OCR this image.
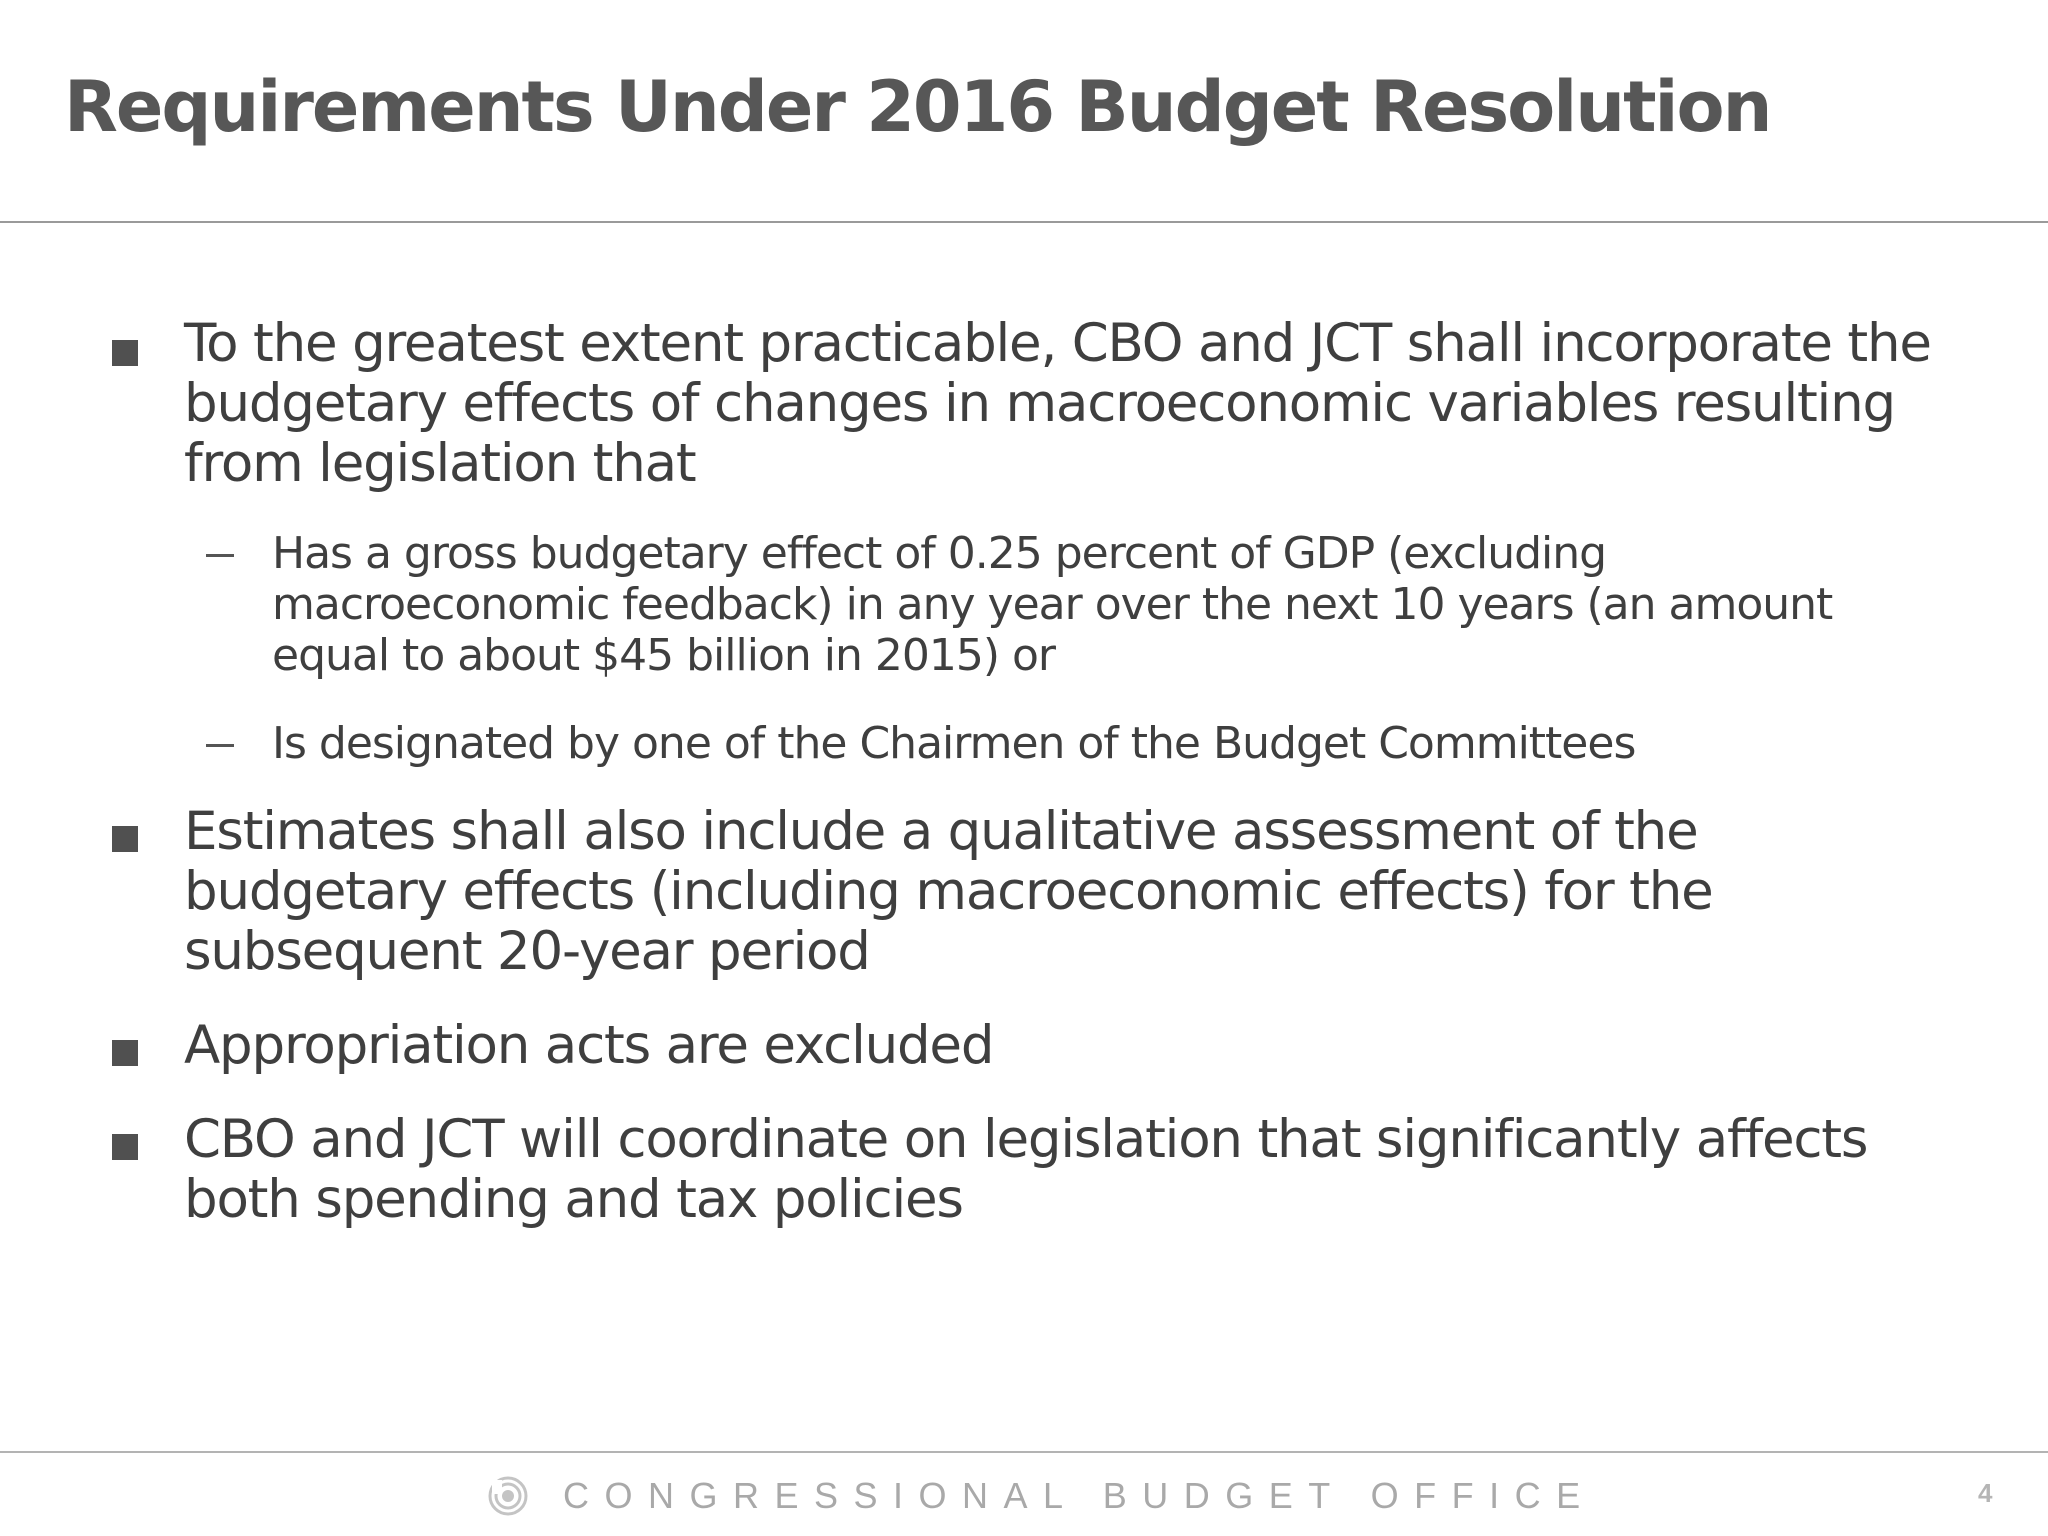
Requirements Under 2016 Budget Resolution
To the greatest extent practicable, CBO and JCT shall incorporate the
budgetary effects of changes in macroeconomic variables resulting
from legislation that
Has a gross budgetary effect of 0.25 percent of GDP (excluding
macroeconomic feedback) in any year over the next 10 years (an amount
equal to about $45 billion in 2015) or
Is designated by one of the Chairmen of the Budget Committees
Estimates shall also include a qualitative assessment of the
budgetary effects (including macroeconomic effects) for the
subsequent 20-year period
Appropriation acts are excluded
CBO and JCT will coordinate on legislation that significantly affects
both spending and tax policies
CONGRESSIONAL BUDGET OFFICE	4
